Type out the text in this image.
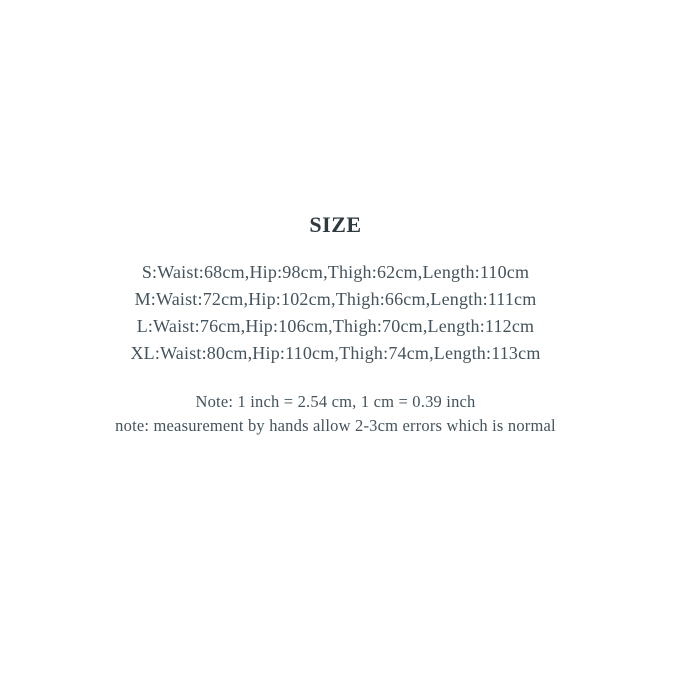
SIZE
S:Waist:68cm,Hip:98cm,Thigh:62cm,Length:110cm
M:Waist:72cm,Hip:102cm,Thigh:66cm,Length:111cm
L:Waist:76cm,Hip:106cm,Thigh:70cm,Length:112cm
XL:Waist:80cm,Hip:110cm,Thigh:74cm,Length:113cm
Note: 1 inch = 2.54 cm, 1 cm = 0.39 inch
note: measurement by hands allow 2-3cm errors which is normal
